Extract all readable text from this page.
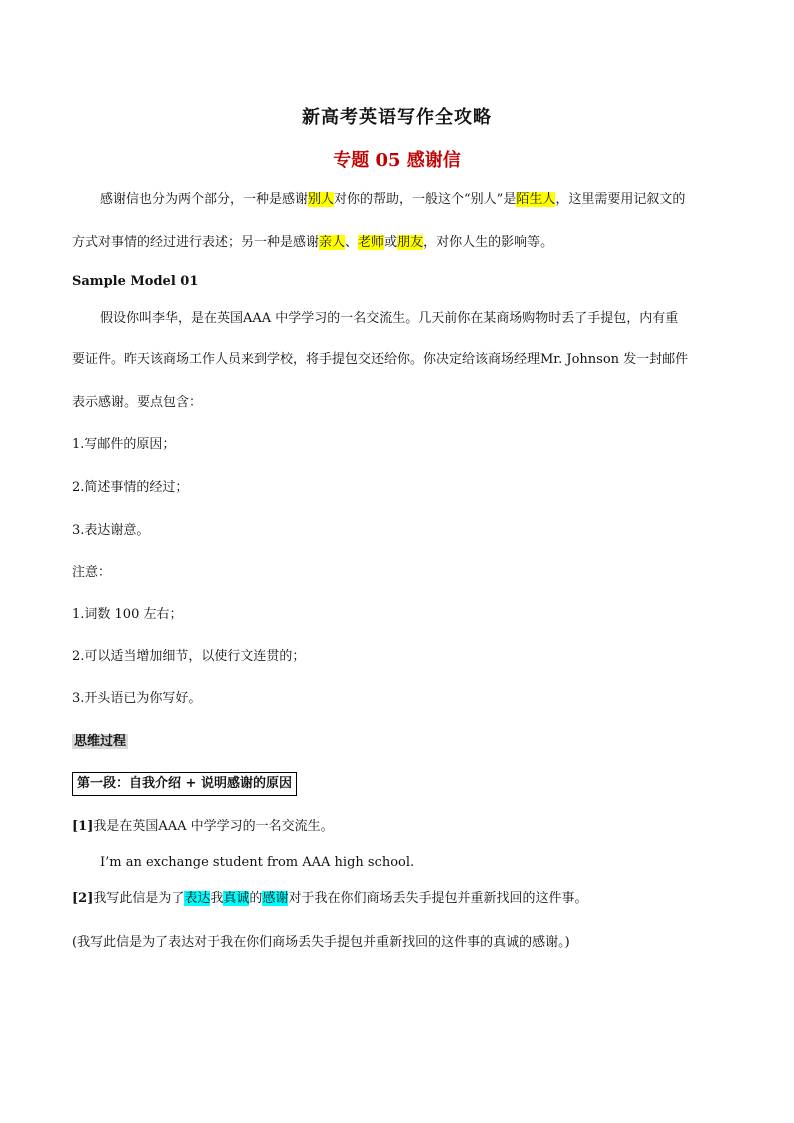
新高考英语写作全攻略
专题 05 感谢信
感谢信也分为两个部分，一种是感谢别人对你的帮助，一般这个“别人”是陌生人，这里需要用记叙文的
方式对事情的经过进行表述；另一种是感谢亲人、老师或朋友，对你人生的影响等。
Sample Model 01
假设你叫李华，是在英国AAA 中学学习的一名交流生。几天前你在某商场购物时丢了手提包，内有重
要证件。昨天该商场工作人员来到学校，将手提包交还给你。你决定给该商场经理Mr. Johnson 发一封邮件
表示感谢。要点包含：
1.写邮件的原因；
2.简述事情的经过；
3.表达谢意。
注意：
1.词数 100 左右；
2.可以适当增加细节，以使行文连贯的；
3.开头语已为你写好。
思维过程
第一段：自我介绍 + 说明感谢的原因
[1]我是在英国AAA 中学学习的一名交流生。
I’m an exchange student from AAA high school.
[2]我写此信是为了表达我真诚的感谢对于我在你们商场丢失手提包并重新找回的这件事。
(我写此信是为了表达对于我在你们商场丢失手提包并重新找回的这件事的真诚的感谢。)
